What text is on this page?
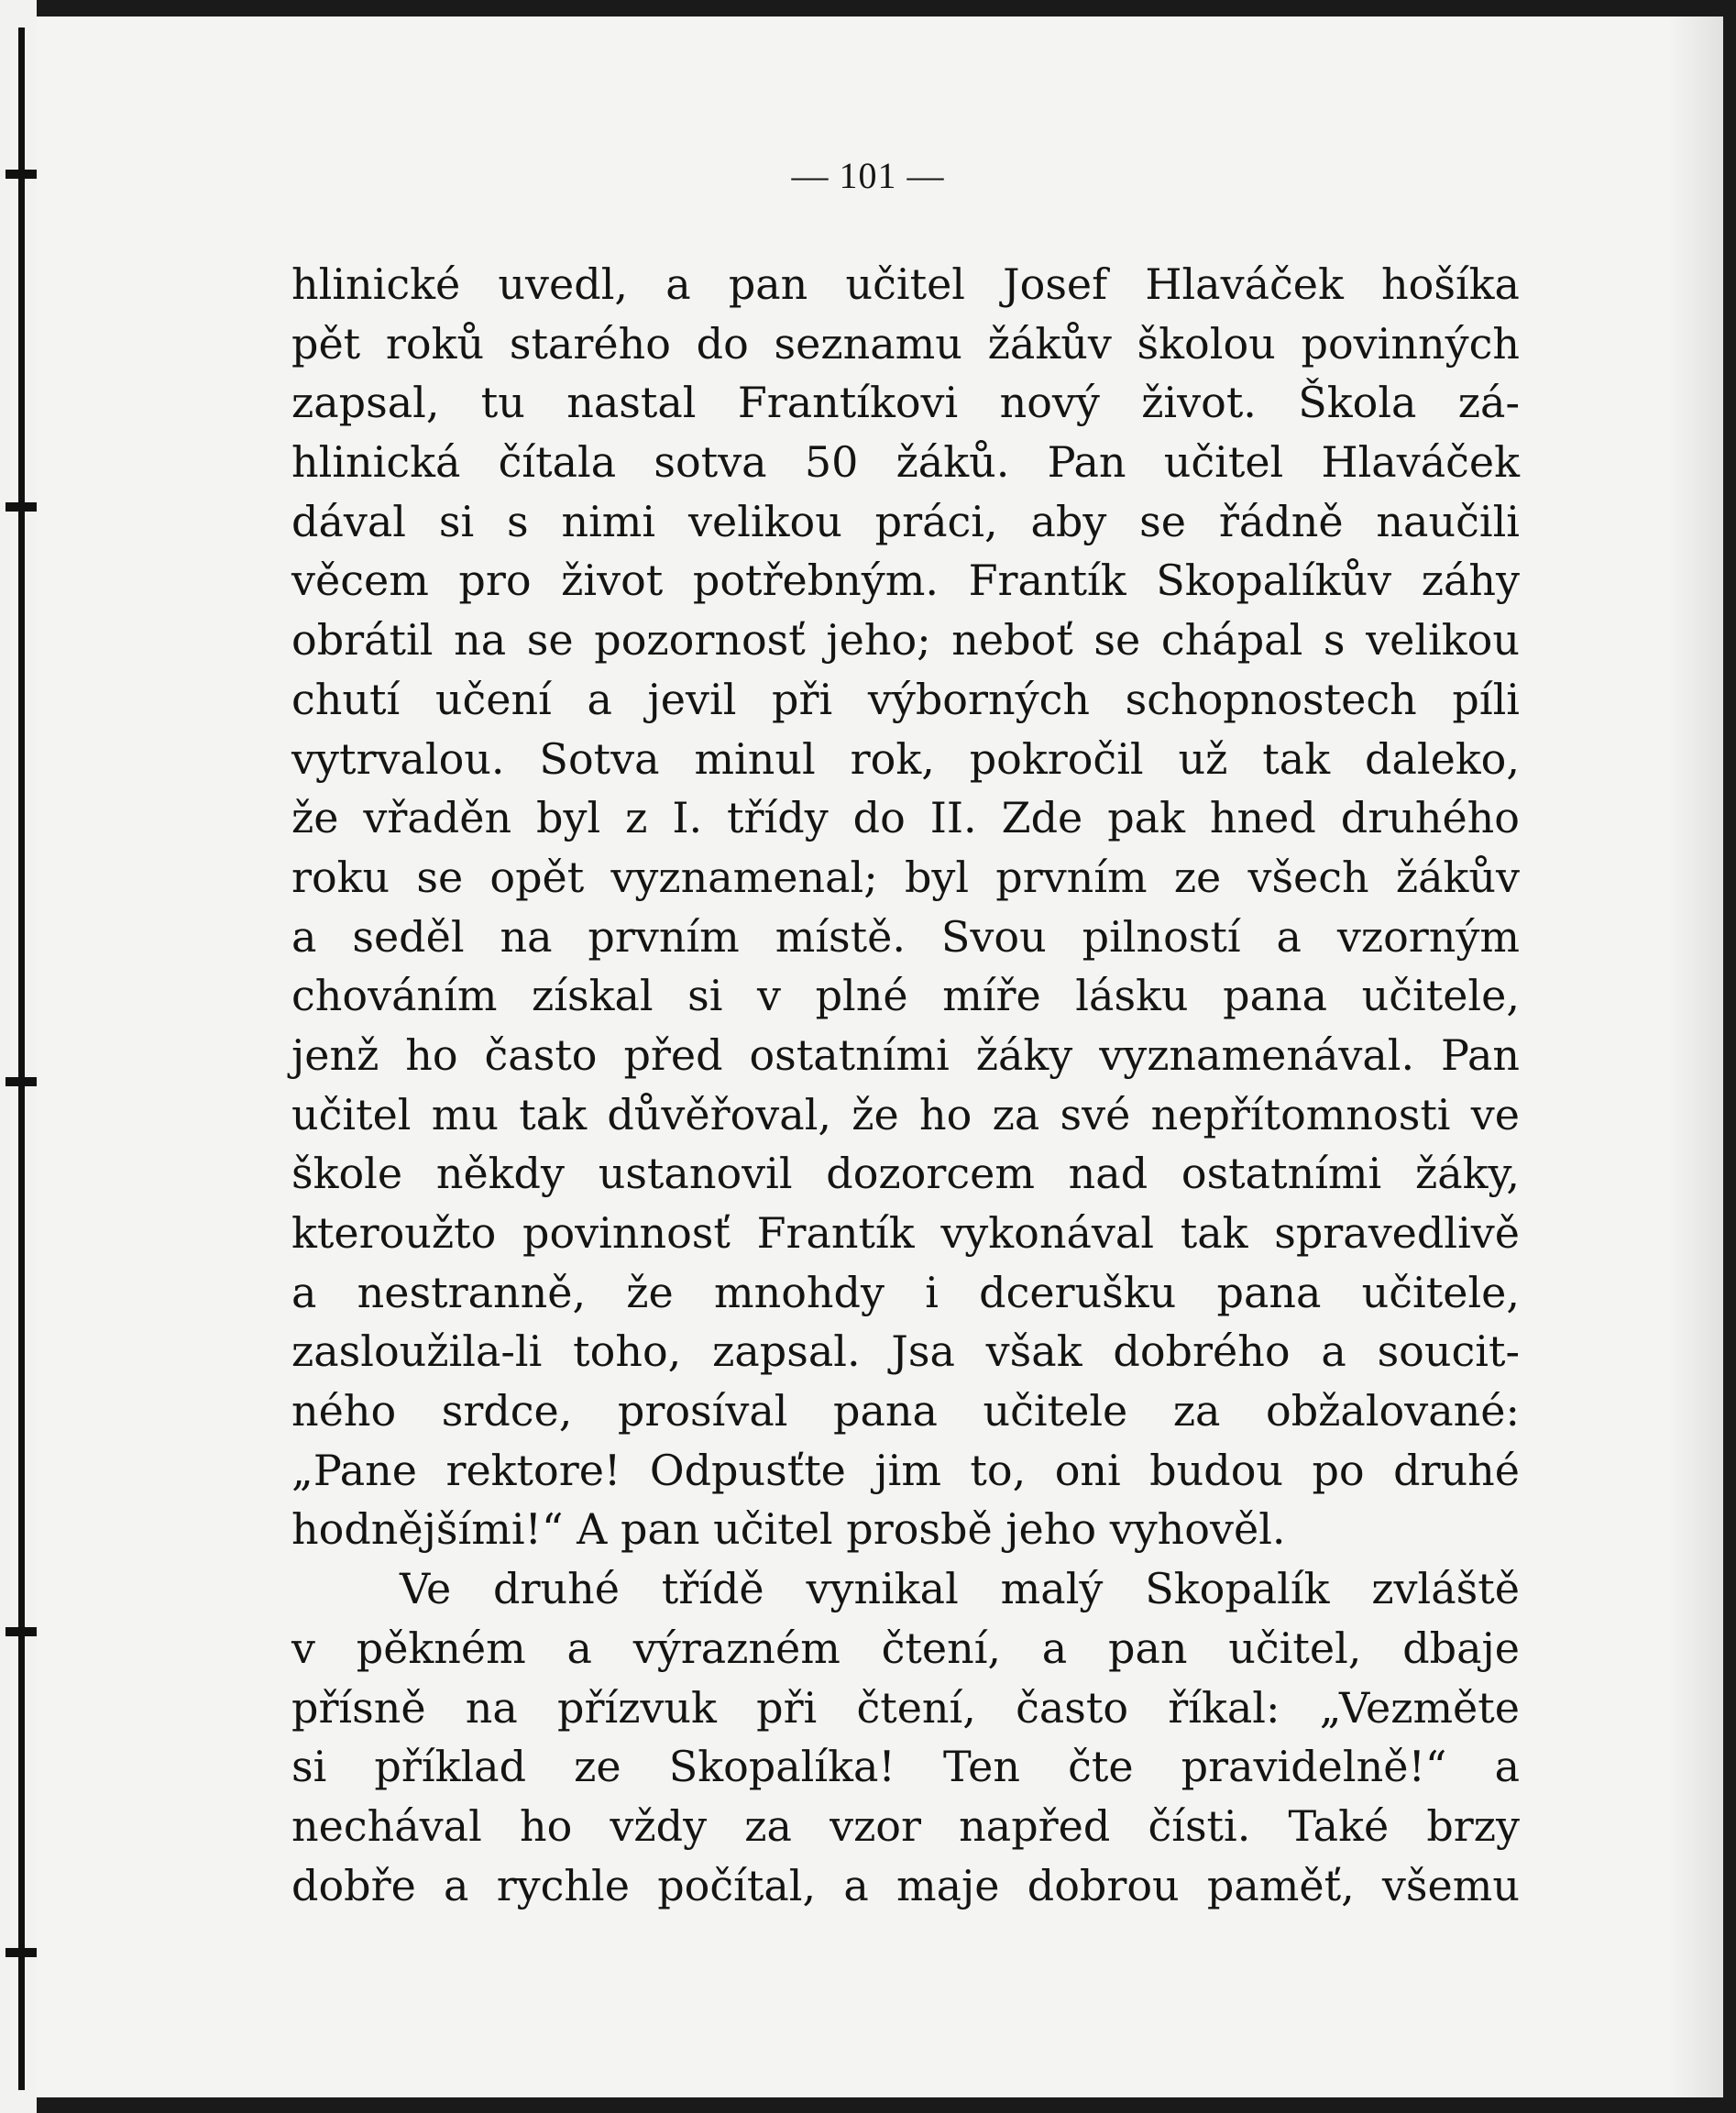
— 101 —
hlinické uvedl, a pan učitel Josef Hlaváček hošíka
pět roků starého do seznamu žákův školou povinných
zapsal, tu nastal Frantíkovi nový život. Škola zá-
hlinická čítala sotva 50 žáků. Pan učitel Hlaváček
dával si s nimi velikou práci, aby se řádně naučili
věcem pro život potřebným. Frantík Skopalíkův záhy
obrátil na se pozornosť jeho; neboť se chápal s velikou
chutí učení a jevil při výborných schopnostech píli
vytrvalou. Sotva minul rok, pokročil už tak daleko,
že vřaděn byl z I. třídy do II. Zde pak hned druhého
roku se opět vyznamenal; byl prvním ze všech žákův
a seděl na prvním místě. Svou pilností a vzorným
chováním získal si v plné míře lásku pana učitele,
jenž ho často před ostatními žáky vyznamenával. Pan
učitel mu tak důvěřoval, že ho za své nepřítomnosti ve
škole někdy ustanovil dozorcem nad ostatními žáky,
kteroužto povinnosť Frantík vykonával tak spravedlivě
a nestranně, že mnohdy i dcerušku pana učitele,
zasloužila-li toho, zapsal. Jsa však dobrého a soucit-
ného srdce, prosíval pana učitele za obžalované:
„Pane rektore! Odpusťte jim to, oni budou po druhé
hodnějšími!“ A pan učitel prosbě jeho vyhověl.
Ve druhé třídě vynikal malý Skopalík zvláště
v pěkném a výrazném čtení, a pan učitel, dbaje
přísně na přízvuk při čtení, často říkal: „Vezměte
si příklad ze Skopalíka! Ten čte pravidelně!“ a
nechával ho vždy za vzor napřed čísti. Také brzy
dobře a rychle počítal, a maje dobrou paměť, všemu
